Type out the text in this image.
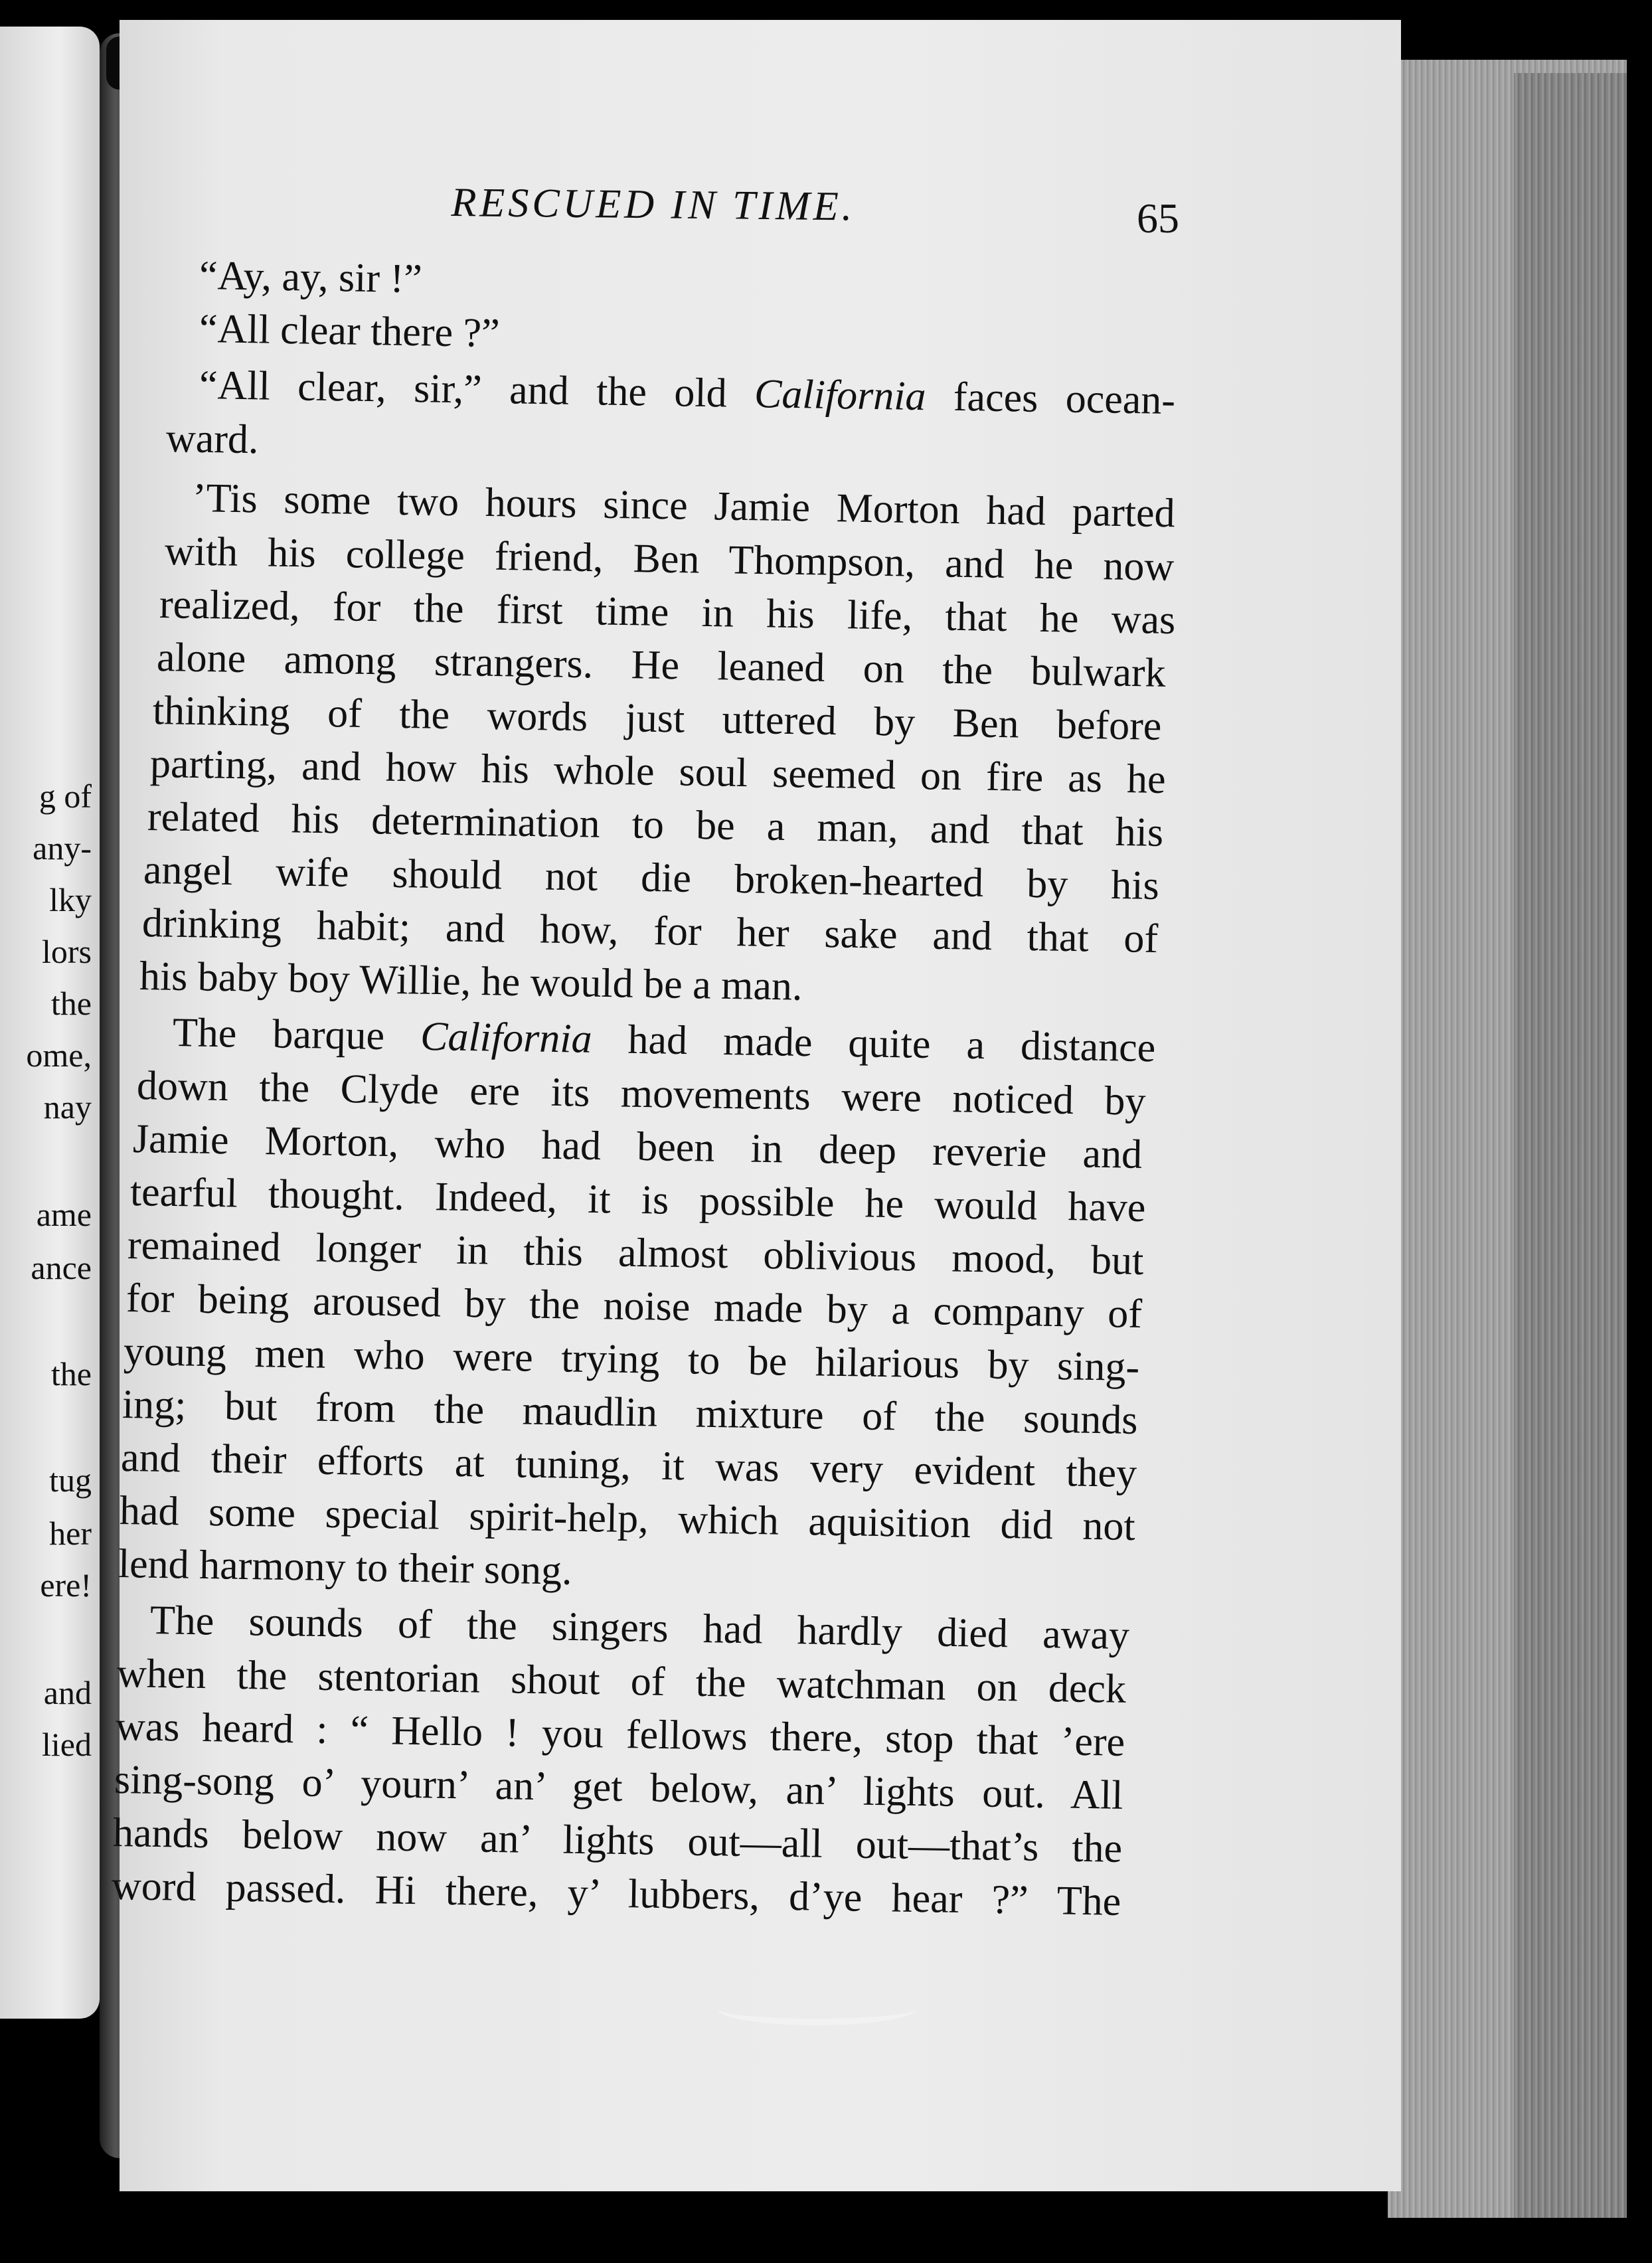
g of
any-
lky
lors
the
ome,
nay
ame
ance
the
tug
her
ere!
and
lied
RESCUED IN TIME.	65
“Ay, ay, sir !”
“All clear there ?”
“All clear, sir,” and the old California faces ocean-
ward.
’Tis some two hours since Jamie Morton had parted
with his college friend, Ben Thompson, and he now
realized, for the first time in his life, that he was
alone among strangers. He leaned on the bulwark
thinking of the words just uttered by Ben before
parting, and how his whole soul seemed on fire as he
related his determination to be a man, and that his
angel wife should not die broken-hearted by his
drinking habit; and how, for her sake and that of
his baby boy Willie, he would be a man.
The barque California had made quite a distance
down the Clyde ere its movements were noticed by
Jamie Morton, who had been in deep reverie and
tearful thought. Indeed, it is possible he would have
remained longer in this almost oblivious mood, but
for being aroused by the noise made by a company of
young men who were trying to be hilarious by sing-
ing; but from the maudlin mixture of the sounds
and their efforts at tuning, it was very evident they
had some special spirit-help, which aquisition did not
lend harmony to their song.
The sounds of the singers had hardly died away
when the stentorian shout of the watchman on deck
was heard : “ Hello ! you fellows there, stop that ’ere
sing-song o’ yourn’ an’ get below, an’ lights out. All
hands below now an’ lights out—all out—that’s the
word passed. Hi there, y’ lubbers, d’ye hear ?” The
